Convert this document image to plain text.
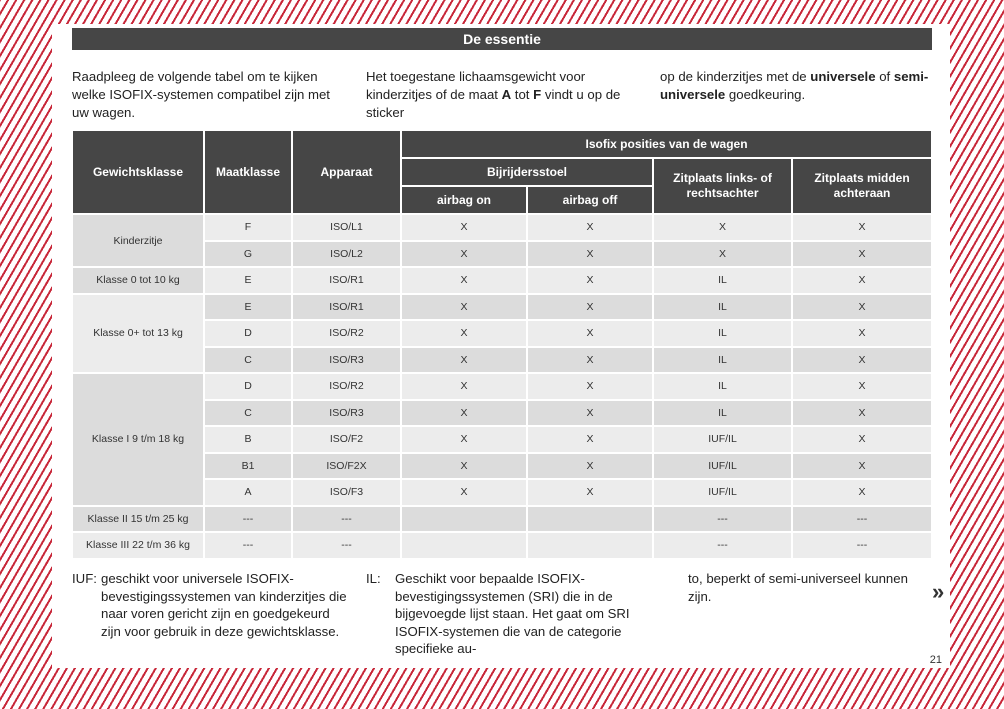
De essentie
Raadpleeg de volgende tabel om te kijken welke ISOFIX-systemen compatibel zijn met uw wagen.
Het toegestane lichaamsgewicht voor kinderzitjes of de maat A tot F vindt u op de sticker
op de kinderzitjes met de universele of semi-universele goedkeuring.
Gewichtsklasse	Maatklasse	Apparaat	Isofix posities van de wagen			
			Bijrijdersstoel		Zitplaats links- of rechtsachter	Zitplaats midden achteraan
			airbag on	airbag off		
Kinderzitje	F	ISO/L1	X	X	X	X
	G	ISO/L2	X	X	X	X
Klasse 0 tot 10 kg	E	ISO/R1	X	X	IL	X
Klasse 0+ tot 13 kg	E	ISO/R1	X	X	IL	X
	D	ISO/R2	X	X	IL	X
	C	ISO/R3	X	X	IL	X
Klasse I 9 t/m 18 kg	D	ISO/R2	X	X	IL	X
	C	ISO/R3	X	X	IL	X
	B	ISO/F2	X	X	IUF/IL	X
	B1	ISO/F2X	X	X	IUF/IL	X
	A	ISO/F3	X	X	IUF/IL	X
Klasse II 15 t/m 25 kg	---	---			---	---
Klasse III 22 t/m 36 kg	---	---			---	---
IUF: geschikt voor universele ISOFIX-bevestigingssystemen van kinderzitjes die naar voren gericht zijn en goedgekeurd zijn voor gebruik in deze gewichtsklasse.
IL: Geschikt voor bepaalde ISOFIX-bevestigingssystemen (SRI) die in de bijgevoegde lijst staan. Het gaat om SRI ISOFIX-systemen die van de categorie specifieke au-
to, beperkt of semi-universeel kunnen zijn.	»
21
